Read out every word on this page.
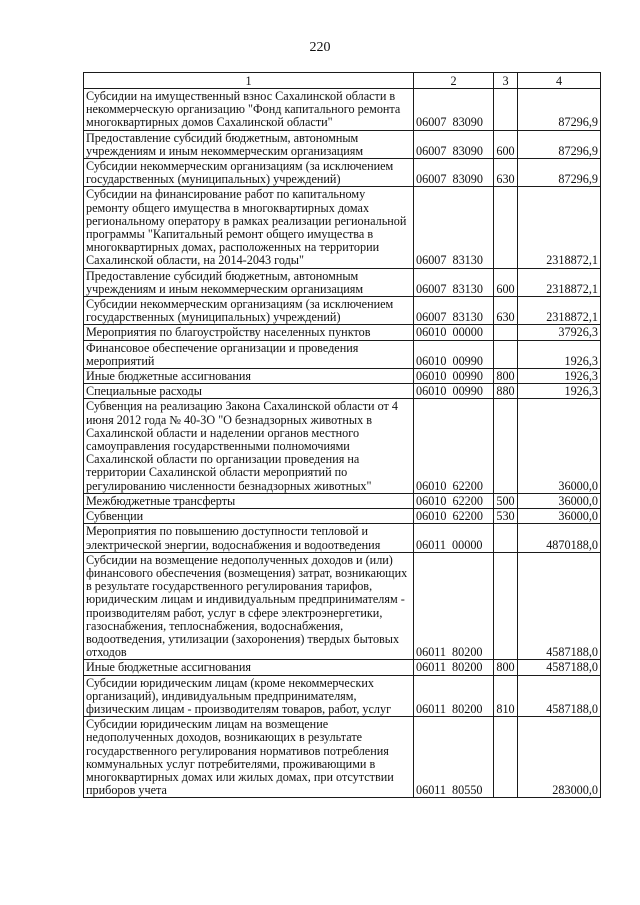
220
1	2	3	4
Субсидии на имущественный взнос Сахалинской области в некоммерческую организацию "Фонд капитального ремонта многоквартирных домов Сахалинской области"	06007 83090		87296,9
Предоставление субсидий бюджетным, автономным учреждениям и иным некоммерческим организациям	06007 83090	600	87296,9
Субсидии некоммерческим организациям (за исключением государственных (муниципальных) учреждений)	06007 83090	630	87296,9
Субсидии на финансирование работ по капитальному ремонту общего имущества в многоквартирных домах региональному оператору в рамках реализации региональной программы "Капитальный ремонт общего имущества в многоквартирных домах, расположенных на территории Сахалинской области, на 2014-2043 годы"	06007 83130		2318872,1
Предоставление субсидий бюджетным, автономным учреждениям и иным некоммерческим организациям	06007 83130	600	2318872,1
Субсидии некоммерческим организациям (за исключением государственных (муниципальных) учреждений)	06007 83130	630	2318872,1
Мероприятия по благоустройству населенных пунктов	06010 00000		37926,3
Финансовое обеспечение организации и проведения мероприятий	06010 00990		1926,3
Иные бюджетные ассигнования	06010 00990	800	1926,3
Специальные расходы	06010 00990	880	1926,3
Субвенция на реализацию Закона Сахалинской области от 4 июня 2012 года № 40-ЗО "О безнадзорных животных в Сахалинской области и наделении органов местного самоуправления государственными полномочиями Сахалинской области по организации проведения на территории Сахалинской области мероприятий по регулированию численности безнадзорных животных"	06010 62200		36000,0
Межбюджетные трансферты	06010 62200	500	36000,0
Субвенции	06010 62200	530	36000,0
Мероприятия по повышению доступности тепловой и электрической энергии, водоснабжения и водоотведения	06011 00000		4870188,0
Субсидии на возмещение недополученных доходов и (или) финансового обеспечения (возмещения) затрат, возникающих в результате государственного регулирования тарифов, юридическим лицам и индивидуальным предпринимателям - производителям работ, услуг в сфере электроэнергетики, газоснабжения, теплоснабжения, водоснабжения, водоотведения, утилизации (захоронения) твердых бытовых отходов	06011 80200		4587188,0
Иные бюджетные ассигнования	06011 80200	800	4587188,0
Субсидии юридическим лицам (кроме некоммерческих организаций), индивидуальным предпринимателям, физическим лицам - производителям товаров, работ, услуг	06011 80200	810	4587188,0
Субсидии юридическим лицам на возмещение недополученных доходов, возникающих в результате государственного регулирования нормативов потребления коммунальных услуг потребителями, проживающими в многоквартирных домах или жилых домах, при отсутствии приборов учета	06011 80550		283000,0
